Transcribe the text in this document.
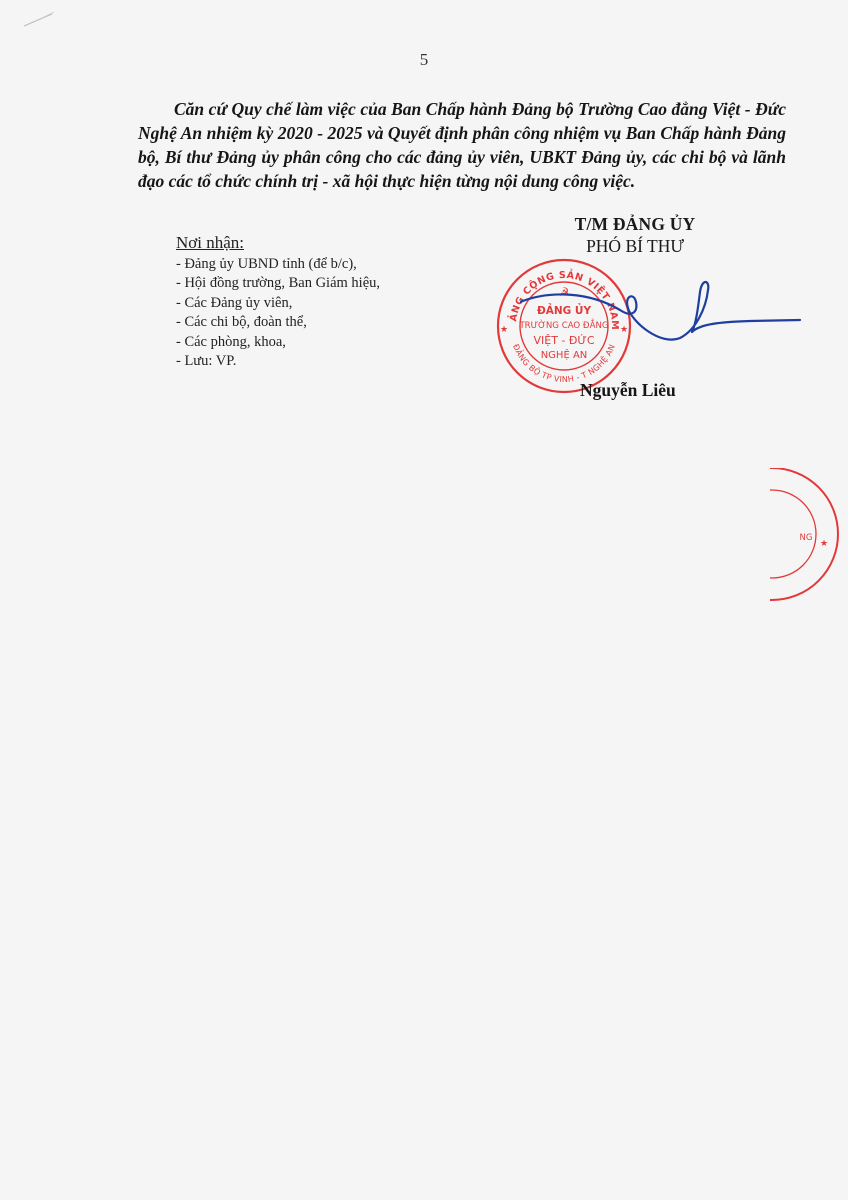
5

Căn cứ Quy chế làm việc của Ban Chấp hành Đảng bộ Trường Cao đẳng Việt - Đức Nghệ An nhiệm kỳ 2020 - 2025 và Quyết định phân công nhiệm vụ Ban Chấp hành Đảng bộ, Bí thư Đảng ủy phân công cho các đảng ủy viên, UBKT Đảng ủy, các chi bộ và lãnh đạo các tổ chức chính trị - xã hội thực hiện từng nội dung công việc.

Nơi nhận:
- Đảng ủy UBND tỉnh (để b/c),
- Hội đồng trường, Ban Giám hiệu,
- Các Đảng ủy viên,
- Các chi bộ, đoàn thể,
- Các phòng, khoa,
- Lưu: VP.
T/M ĐẢNG ỦY
PHÓ BÍ THƯ
ĐẢNG CỘNG SẢN VIỆT NAM
ĐẢNG BỘ TP VINH - T NGHỆ AN
☭
ĐẢNG ỦY
TRƯỜNG CAO ĐẲNG
VIỆT - ĐỨC
NGHỆ AN
★	★
Nguyễn Liêu
★
NG
